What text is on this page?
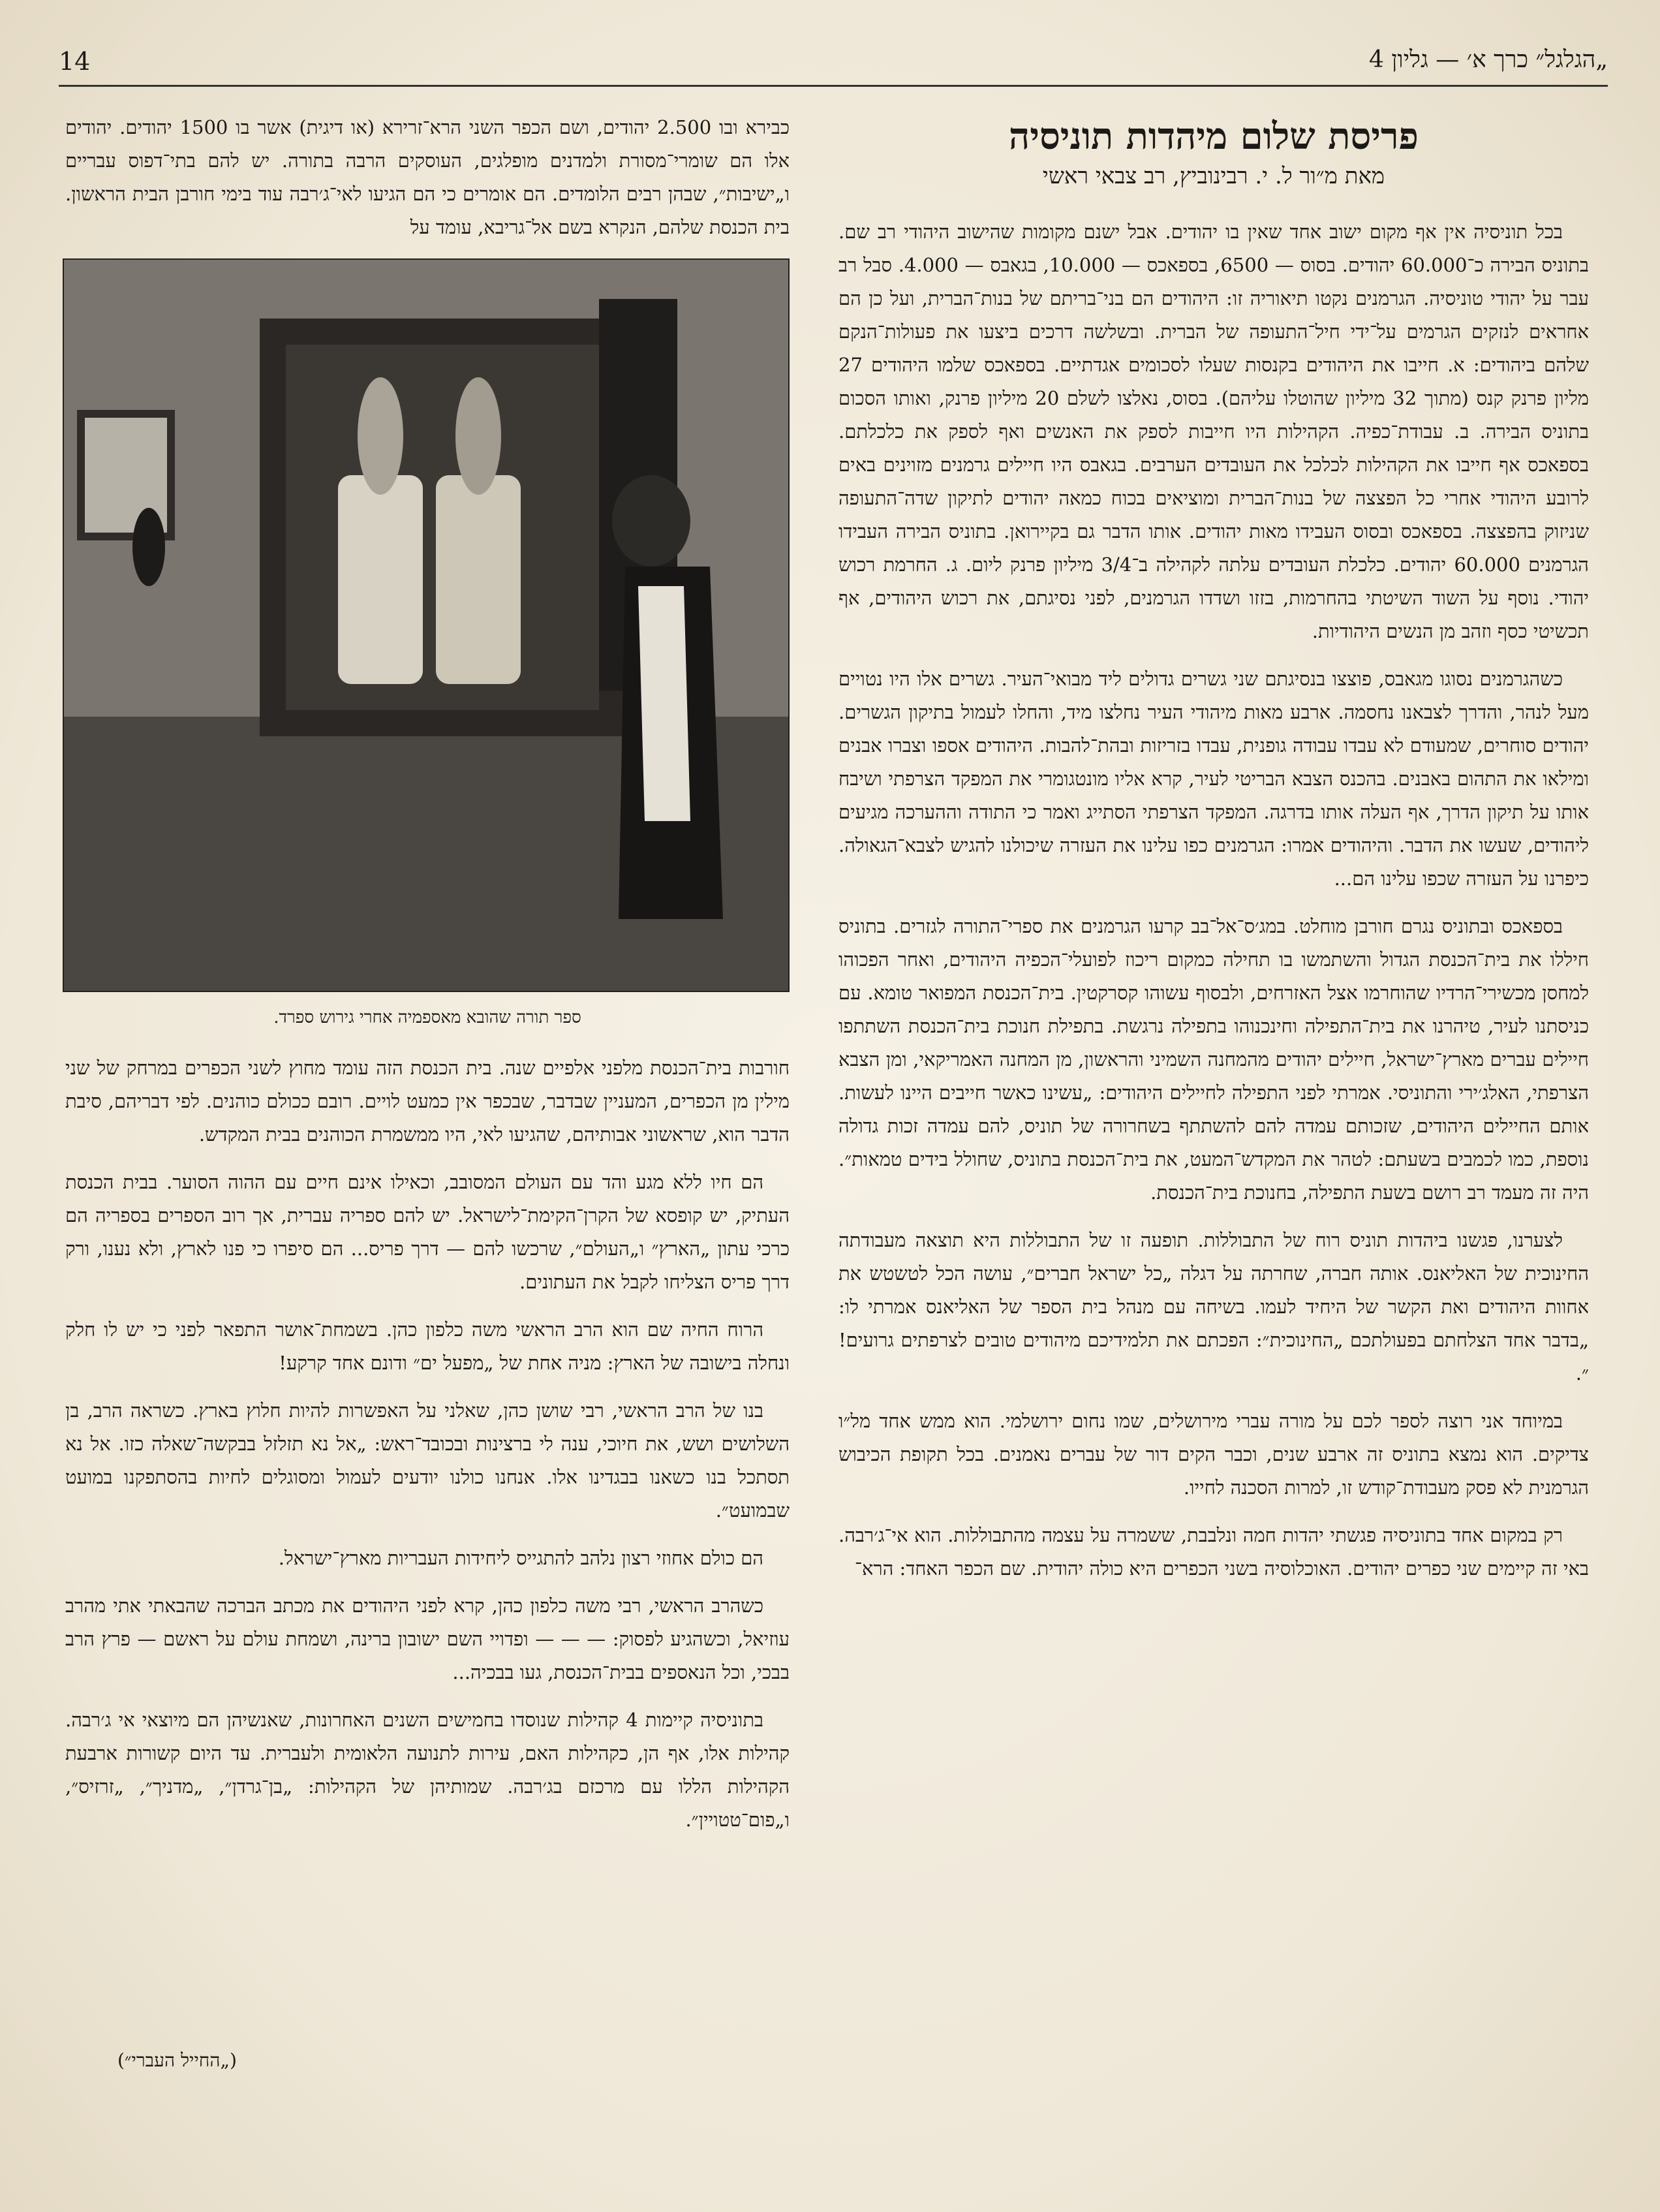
14	„הגלגל״ כרך א׳ — גליון 4
פריסת שלום מיהדות תוניסיה
מאת מ״ור ל. י. רבינוביץ, רב צבאי ראשי

בכל תוניסיה אין אף מקום ישוב אחד שאין בו יהודים. אבל ישנם מקומות שהישוב היהודי רב שם. בתוניס הבירה כ־60.000 יהודים. בסוס — 6500, בספאכס — 10.000, בגאבס — 4.000. סבל רב עבר על יהודי טוניסיה. הגרמנים נקטו תיאוריה זו: היהודים הם בני־בריתם של בנות־הברית, ועל כן הם אחראים לנזקים הגרמים על־ידי חיל־התעופה של הברית. ובשלשה דרכים ביצעו את פעולות־הנקם שלהם ביהודים: א. חייבו את היהודים בקנסות שעלו לסכומים אגדתיים. בספאכס שלמו היהודים 27 מליון פרנק קנס (מתוך 32 מיליון שהוטלו עליהם). בסוס, נאלצו לשלם 20 מיליון פרנק, ואותו הסכום בתוניס הבירה. ב. עבודת־כפיה. הקהילות היו חייבות לספק את האנשים ואף לספק את כלכלתם. בספאכס אף חייבו את הקהילות לכלכל את העובדים הערבים. בגאבס היו חיילים גרמנים מזוינים באים לרובע היהודי אחרי כל הפצצה של בנות־הברית ומוציאים בכוח כמאה יהודים לתיקון שדה־התעופה שניזוק בהפצצה. בספאכס ובסוס העבידו מאות יהודים. אותו הדבר גם בקיירואן. בתוניס הבירה העבידו הגרמנים 60.000 יהודים. כלכלת העובדים עלתה לקהילה ב־3/4 מיליון פרנק ליום. ג. החרמת רכוש יהודי. נוסף על השוד השיטתי בהחרמות, בזזו ושדדו הגרמנים, לפני נסיגתם, את רכוש היהודים, אף תכשיטי כסף וזהב מן הנשים היהודיות.

כשהגרמנים נסוגו מגאבס, פוצצו בנסיגתם שני גשרים גדולים ליד מבואי־העיר. גשרים אלו היו נטויים מעל לנהר, והדרך לצבאנו נחסמה. ארבע מאות מיהודי העיר נחלצו מיד, והחלו לעמול בתיקון הגשרים. יהודים סוחרים, שמעודם לא עבדו עבודה גופנית, עבדו בזריזות ובהת־להבות. היהודים אספו וצברו אבנים ומילאו את התהום באבנים. בהכנס הצבא הבריטי לעיר, קרא אליו מונטגומרי את המפקד הצרפתי ושיבח אותו על תיקון הדרך, אף העלה אותו בדרגה. המפקד הצרפתי הסתייג ואמר כי התודה וההערכה מגיעים ליהודים, שעשו את הדבר. והיהודים אמרו: הגרמנים כפו עלינו את העזרה שיכולנו להגיש לצבא־הגאולה. כיפרנו על העזרה שכפו עלינו הם...

בספאכס ובתוניס נגרם חורבן מוחלט. במג׳ס־אל־בב קרעו הגרמנים את ספרי־התורה לגזרים. בתוניס חיללו את בית־הכנסת הגדול והשתמשו בו תחילה כמקום ריכוז לפועלי־הכפיה היהודים, ואחר הפכוהו למחסן מכשירי־הרדיו שהוחרמו אצל האזרחים, ולבסוף עשוהו קסרקטין. בית־הכנסת המפואר טומא. עם כניסתנו לעיר, טיהרנו את בית־התפילה וחינכנוהו בתפילה נרגשת. בתפילת חנוכת בית־הכנסת השתתפו חיילים עברים מארץ־ישראל, חיילים יהודים מהמחנה השמיני והראשון, מן המחנה האמריקאי, ומן הצבא הצרפתי, האלג׳ירי והתוניסי. אמרתי לפני התפילה לחיילים היהודים: „עשינו כאשר חייבים היינו לעשות. אותם החיילים היהודים, שזכותם עמדה להם להשתתף בשחרורה של תוניס, להם עמדה זכות גדולה נוספת, כמו לכמבים בשעתם: לטהר את המקדש־המעט, את בית־הכנסת בתוניס, שחולל בידים טמאות״. היה זה מעמד רב רושם בשעת התפילה, בחנוכת בית־הכנסת.

לצערנו, פגשנו ביהדות תוניס רוח של התבוללות. תופעה זו של התבוללות היא תוצאה מעבודתה החינוכית של האליאנס. אותה חברה, שחרתה על דגלה „כל ישראל חברים״, עושה הכל לטשטש את אחוות היהודים ואת הקשר של היחיד לעמו. בשיחה עם מנהל בית הספר של האליאנס אמרתי לו: „בדבר אחד הצלחתם בפעולתכם „החינוכית״: הפכתם את תלמידיכם מיהודים טובים לצרפתים גרועים!״.

במיוחד אני רוצה לספר לכם על מורה עברי מירושלים, שמו נחום ירושלמי. הוא ממש אחד מל״ו צדיקים. הוא נמצא בתוניס זה ארבע שנים, וכבר הקים דור של עברים נאמנים. בכל תקופת הכיבוש הגרמנית לא פסק מעבודת־קודש זו, למרות הסכנה לחייו.

רק במקום אחד בתוניסיה פגשתי יהדות חמה ונלבבת, ששמרה על עצמה מהתבוללות. הוא אי־ג׳רבה. באי זה קיימים שני כפרים יהודים. האוכלוסיה בשני הכפרים היא כולה יהודית. שם הכפר האחד: הרא־

כבירא ובו 2.500 יהודים, ושם הכפר השני הרא־זרירא (או דיגית) אשר בו 1500 יהודים. יהודים אלו הם שומרי־מסורת ולמדנים מופלגים, העוסקים הרבה בתורה. יש להם בתי־דפוס עבריים ו„ישיבות״, שבהן רבים הלומדים. הם אומרים כי הם הגיעו לאי־ג׳רבה עוד בימי חורבן הבית הראשון. בית הכנסת שלהם, הנקרא בשם אל־גריבא, עומד על

ספר תורה שהובא מאספמיה אחרי גירוש ספרד.

חורבות בית־הכנסת מלפני אלפיים שנה. בית הכנסת הזה עומד מחוץ לשני הכפרים במרחק של שני מילין מן הכפרים, המעניין שבדבר, שבכפר אין כמעט לויים. רובם ככולם כוהנים. לפי דבריהם, סיבת הדבר הוא, שראשוני אבותיהם, שהגיעו לאי, היו ממשמרת הכוהנים בבית המקדש.

הם חיו ללא מגע והד עם העולם המסובב, וכאילו אינם חיים עם ההוה הסוער. בבית הכנסת העתיק, יש קופסא של הקרן־הקימת־לישראל. יש להם ספריה עברית, אך רוב הספרים בספריה הם כרכי עתון „הארץ״ ו„העולם״, שרכשו להם — דרך פריס... הם סיפרו כי פנו לארץ, ולא נענו, ורק דרך פריס הצליחו לקבל את העתונים.

הרוח החיה שם הוא הרב הראשי משה כלפון כהן. בשמחת־אושר התפאר לפני כי יש לו חלק ונחלה בישובה של הארץ: מניה אחת של „מפעל ים״ ודונם אחד קרקע!

בנו של הרב הראשי, רבי שושן כהן, שאלני על האפשרות להיות חלוץ בארץ. כשראה הרב, בן השלושים ושש, את חיוכי, ענה לי ברצינות ובכובד־ראש: „אל נא תזלזל בבקשה־שאלה כזו. אל נא תסתכל בנו כשאנו בבגדינו אלו. אנחנו כולנו יודעים לעמול ומסוגלים לחיות בהסתפקנו במועט שבמועט״.

הם כולם אחוזי רצון נלהב להתגייס ליחידות העבריות מארץ־ישראל.

כשהרב הראשי, רבי משה כלפון כהן, קרא לפני היהודים את מכתב הברכה שהבאתי אתי מהרב עוזיאל, וכשהגיע לפסוק: — — — ופדויי השם ישובון ברינה, ושמחת עולם על ראשם — פרץ הרב בבכי, וכל הנאספים בבית־הכנסת, געו בבכיה...

בתוניסיה קיימות 4 קהילות שנוסדו בחמישים השנים האחרונות, שאנשיהן הם מיוצאי אי ג׳רבה. קהילות אלו, אף הן, כקהילות האם, עירות לתנועה הלאומית ולעברית. עד היום קשורות ארבעת הקהילות הללו עם מרכזם בג׳רבה. שמותיהן של הקהילות: „בן־גרדן״, „מדניך״, „זרזיס״, ו„פום־טטויין״.

(„החייל העברי״)
